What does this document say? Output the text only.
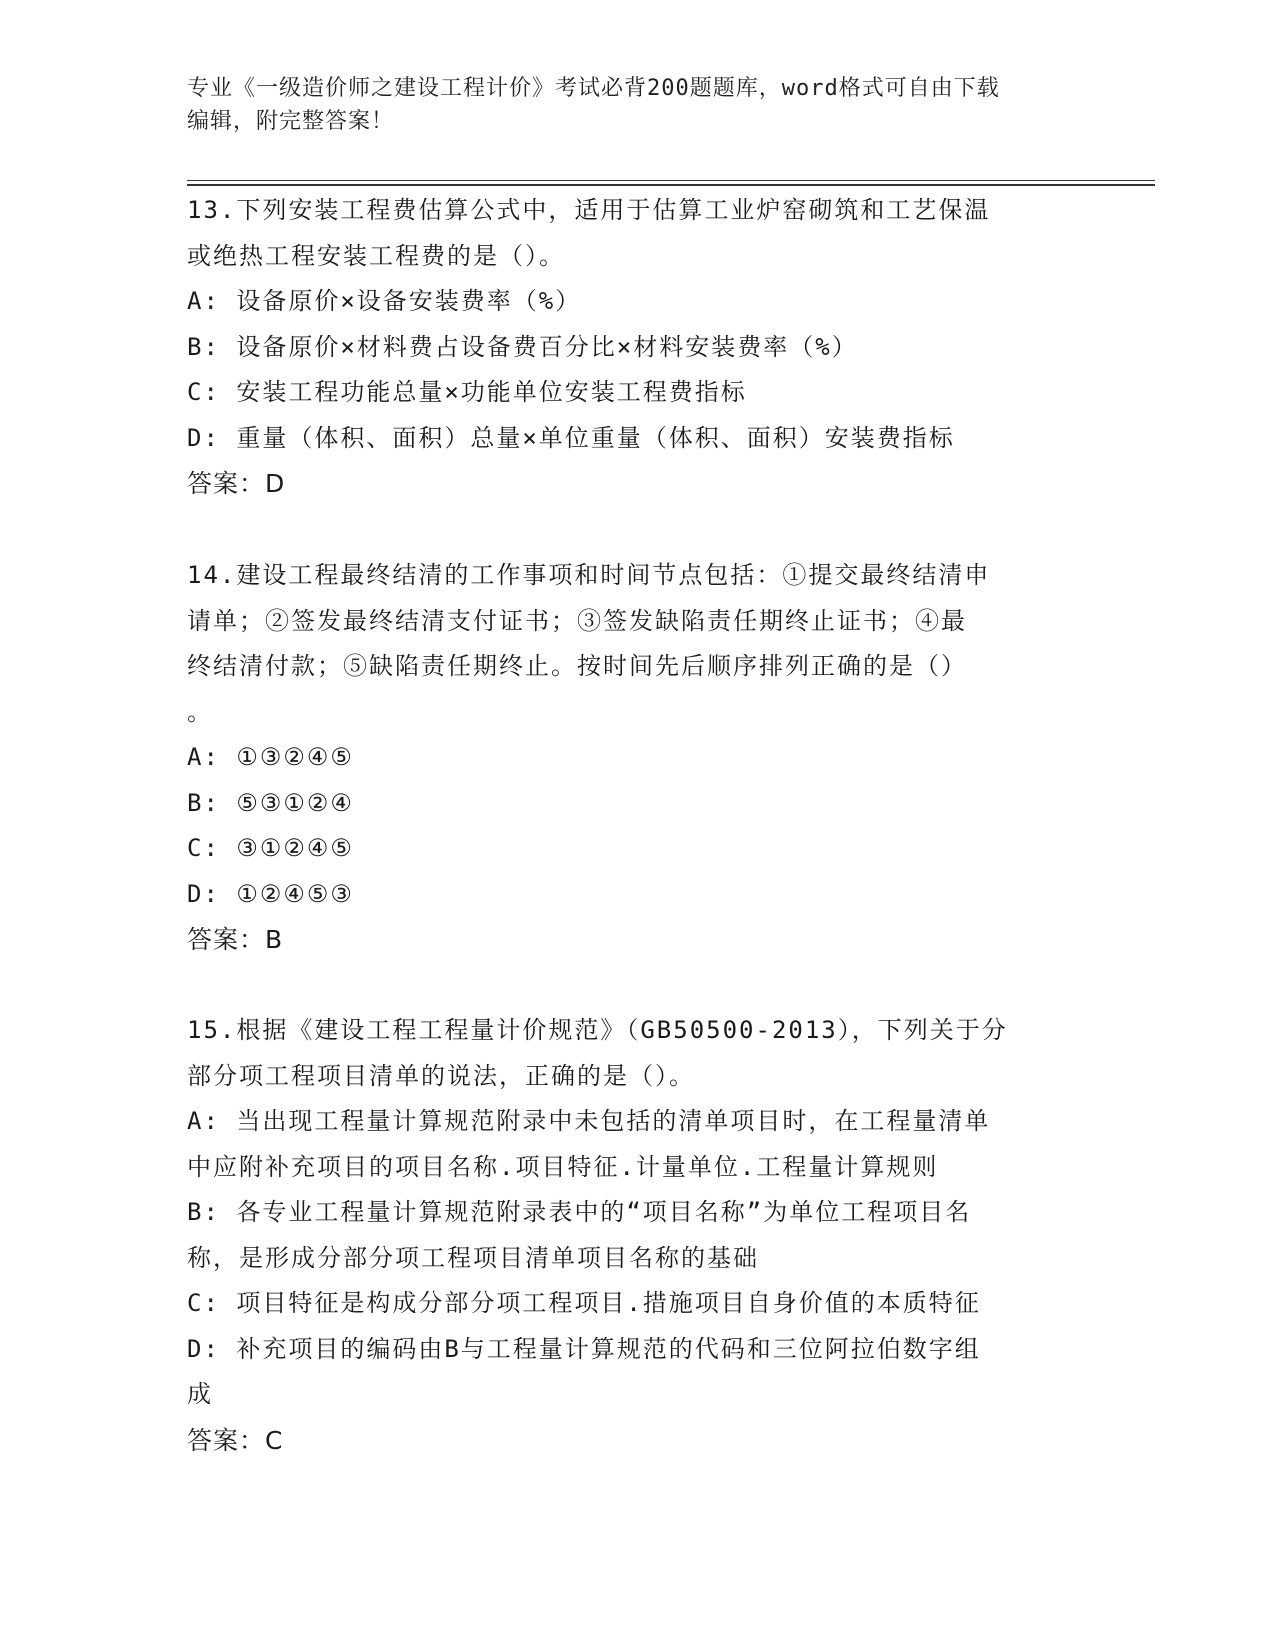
专业《一级造价师之建设工程计价》考试必背200题题库，word格式可自由下载
编辑，附完整答案！
13.下列安装工程费估算公式中，适用于估算工业炉窑砌筑和工艺保温
或绝热工程安装工程费的是（）。
A: 设备原价×设备安装费率（%）
B: 设备原价×材料费占设备费百分比×材料安装费率（%）
C: 安装工程功能总量×功能单位安装工程费指标
D: 重量（体积、面积）总量×单位重量（体积、面积）安装费指标
答案：D
14.建设工程最终结清的工作事项和时间节点包括：①提交最终结清申
请单；②签发最终结清支付证书；③签发缺陷责任期终止证书；④最
终结清付款；⑤缺陷责任期终止。按时间先后顺序排列正确的是（）
。
A: ①③②④⑤
B: ⑤③①②④
C: ③①②④⑤
D: ①②④⑤③
答案：B
15.根据《建设工程工程量计价规范》（GB50500-2013），下列关于分
部分项工程项目清单的说法，正确的是（）。
A: 当出现工程量计算规范附录中未包括的清单项目时，在工程量清单
中应附补充项目的项目名称.项目特征.计量单位.工程量计算规则
B: 各专业工程量计算规范附录表中的“项目名称”为单位工程项目名
称，是形成分部分项工程项目清单项目名称的基础
C: 项目特征是构成分部分项工程项目.措施项目自身价值的本质特征
D: 补充项目的编码由B与工程量计算规范的代码和三位阿拉伯数字组
成
答案：C
